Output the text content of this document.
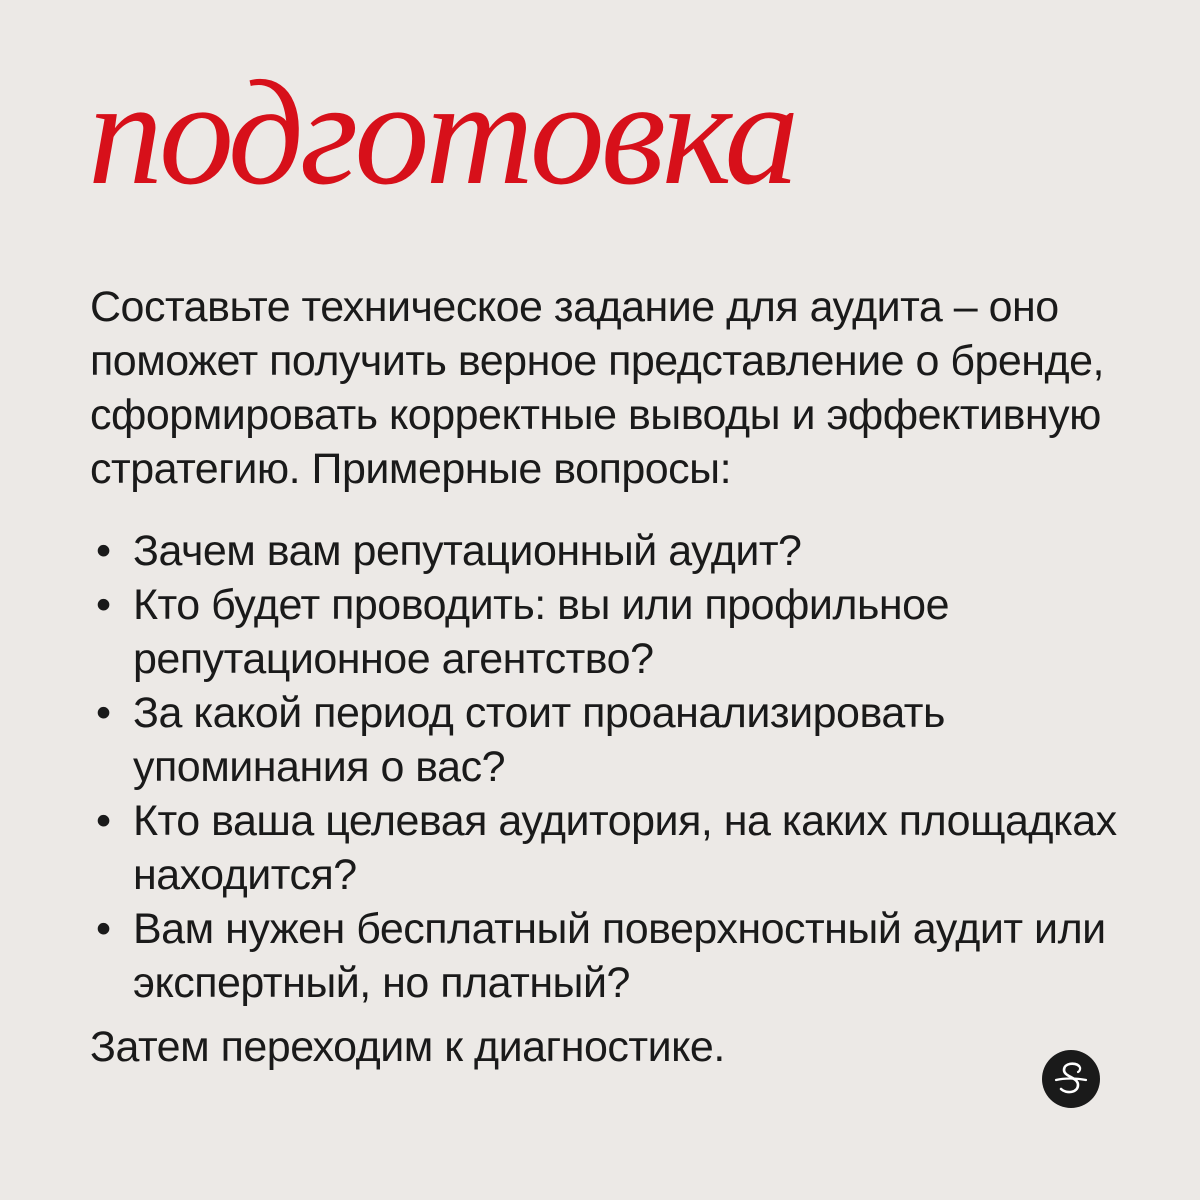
подготовка

Составьте техническое задание для аудита – оно поможет получить верное представление о бренде, сформировать корректные выводы и эффективную стратегию. Примерные вопросы:

• Зачем вам репутационный аудит?
• Кто будет проводить: вы или профильное репутационное агентство?
• За какой период стоит проанализировать упоминания о вас?
• Кто ваша целевая аудитория, на каких площадках находится?
• Вам нужен бесплатный поверхностный аудит или экспертный, но платный?

Затем переходим к диагностике.
